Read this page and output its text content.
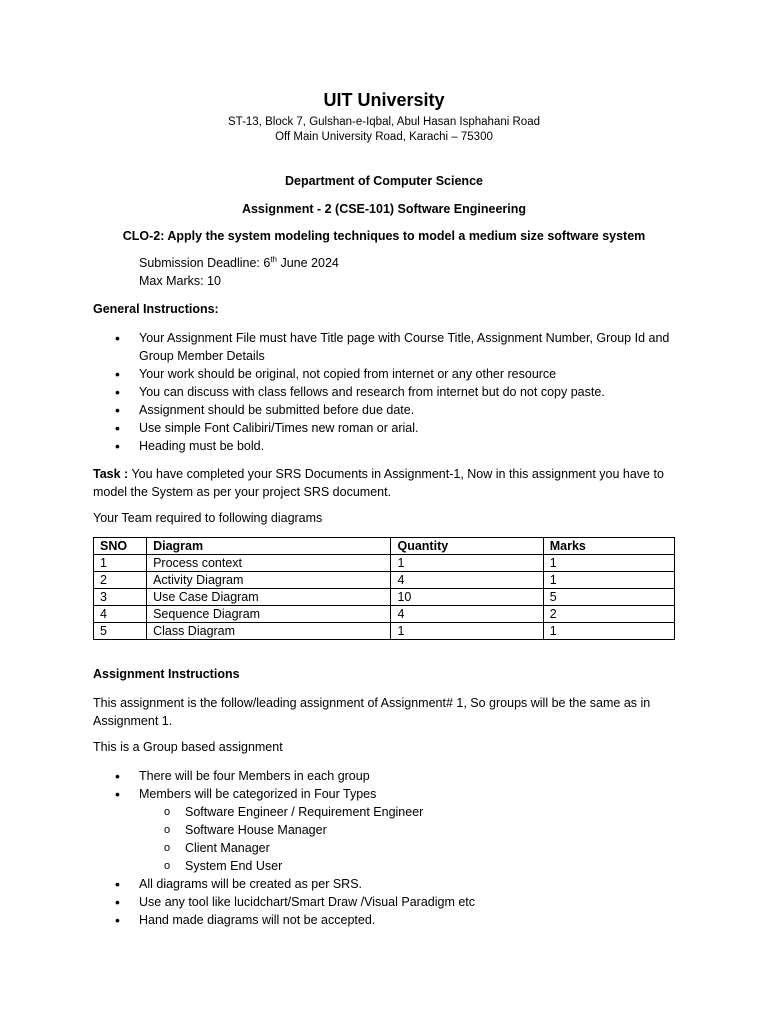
UIT University
ST-13, Block 7, Gulshan-e-Iqbal, Abul Hasan Isphahani Road
Off Main University Road, Karachi – 75300
Department of Computer Science
Assignment - 2 (CSE-101) Software Engineering
CLO-2: Apply the system modeling techniques to model a medium size software system
Submission Deadline: 6th June 2024
Max Marks: 10
General Instructions:
• Your Assignment File must have Title page with Course Title, Assignment Number, Group Id and Group Member Details
• Your work should be original, not copied from internet or any other resource
• You can discuss with class fellows and research from internet but do not copy paste.
• Assignment should be submitted before due date.
• Use simple Font Calibiri/Times new roman or arial.
• Heading must be bold.
Task : You have completed your SRS Documents in Assignment-1, Now in this assignment you have to model the System as per your project SRS document.
Your Team required to following diagrams
SNO	Diagram	Quantity	Marks
1	Process context	1	1
2	Activity Diagram	4	1
3	Use Case Diagram	10	5
4	Sequence Diagram	4	2
5	Class Diagram	1	1
Assignment Instructions
This assignment is the follow/leading assignment of Assignment# 1, So groups will be the same as in Assignment 1.
This is a Group based assignment
• There will be four Members in each group
• Members will be categorized in Four Types
o Software Engineer / Requirement Engineer
o Software House Manager
o Client Manager
o System End User
• All diagrams will be created as per SRS.
• Use any tool like lucidchart/Smart Draw /Visual Paradigm etc
• Hand made diagrams will not be accepted.
